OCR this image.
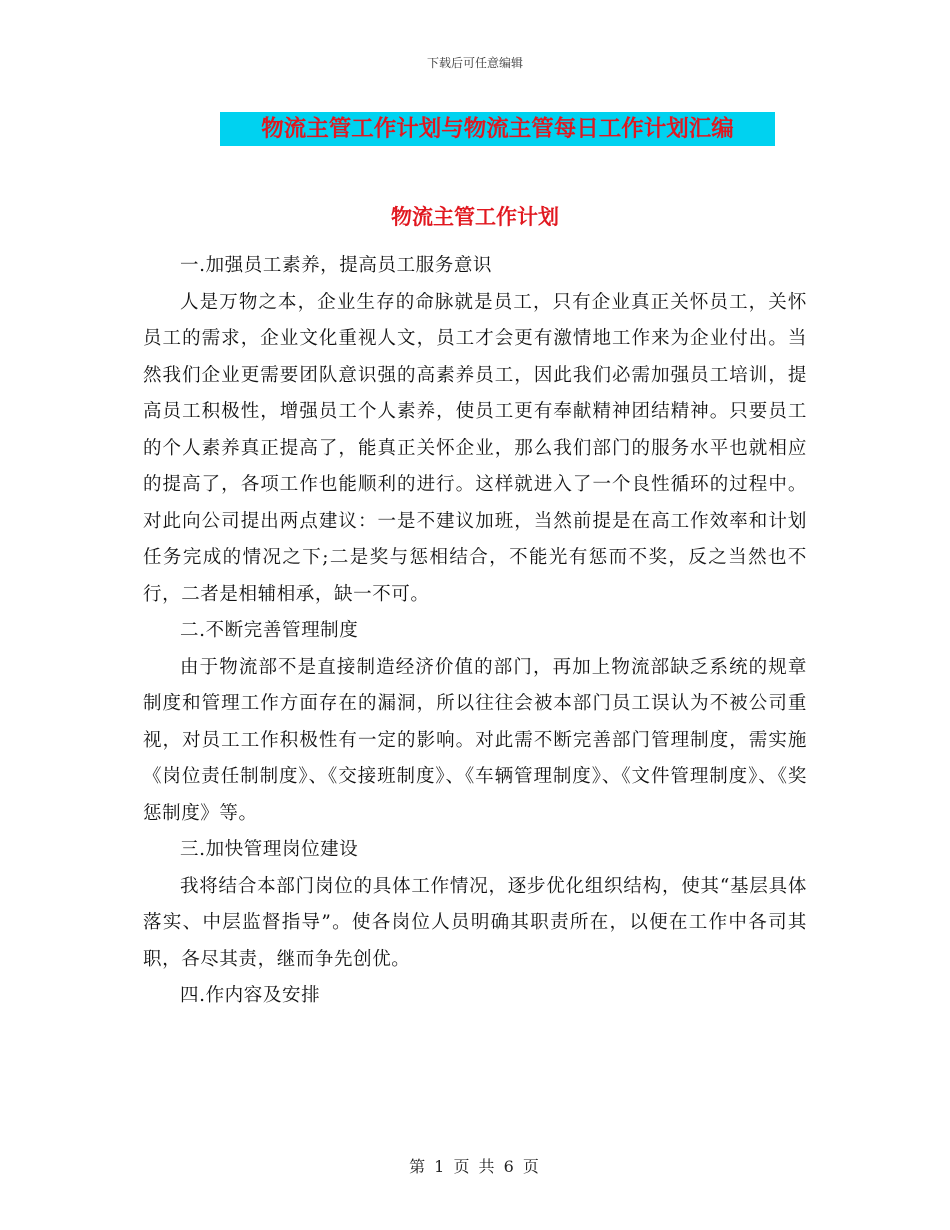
下载后可任意编辑
物流主管工作计划与物流主管每日工作计划汇编
物流主管工作计划

一.加强员工素养，提高员工服务意识

人是万物之本，企业生存的命脉就是员工，只有企业真正关怀员工，关怀员工的需求，企业文化重视人文，员工才会更有激情地工作来为企业付出。当然我们企业更需要团队意识强的高素养员工，因此我们必需加强员工培训，提高员工积极性，增强员工个人素养，使员工更有奉献精神团结精神。只要员工的个人素养真正提高了，能真正关怀企业，那么我们部门的服务水平也就相应的提高了，各项工作也能顺利的进行。这样就进入了一个良性循环的过程中。对此向公司提出两点建议：一是不建议加班，当然前提是在高工作效率和计划任务完成的情况之下;二是奖与惩相结合，不能光有惩而不奖，反之当然也不行，二者是相辅相承，缺一不可。

二.不断完善管理制度

由于物流部不是直接制造经济价值的部门，再加上物流部缺乏系统的规章制度和管理工作方面存在的漏洞，所以往往会被本部门员工误认为不被公司重视，对员工工作积极性有一定的影响。对此需不断完善部门管理制度，需实施《岗位责任制制度》、《交接班制度》、《车辆管理制度》、《文件管理制度》、《奖惩制度》等。

三.加快管理岗位建设

我将结合本部门岗位的具体工作情况，逐步优化组织结构，使其“基层具体落实、中层监督指导”。使各岗位人员明确其职责所在，以便在工作中各司其职，各尽其责，继而争先创优。

四.作内容及安排

第 1 页 共 6 页
